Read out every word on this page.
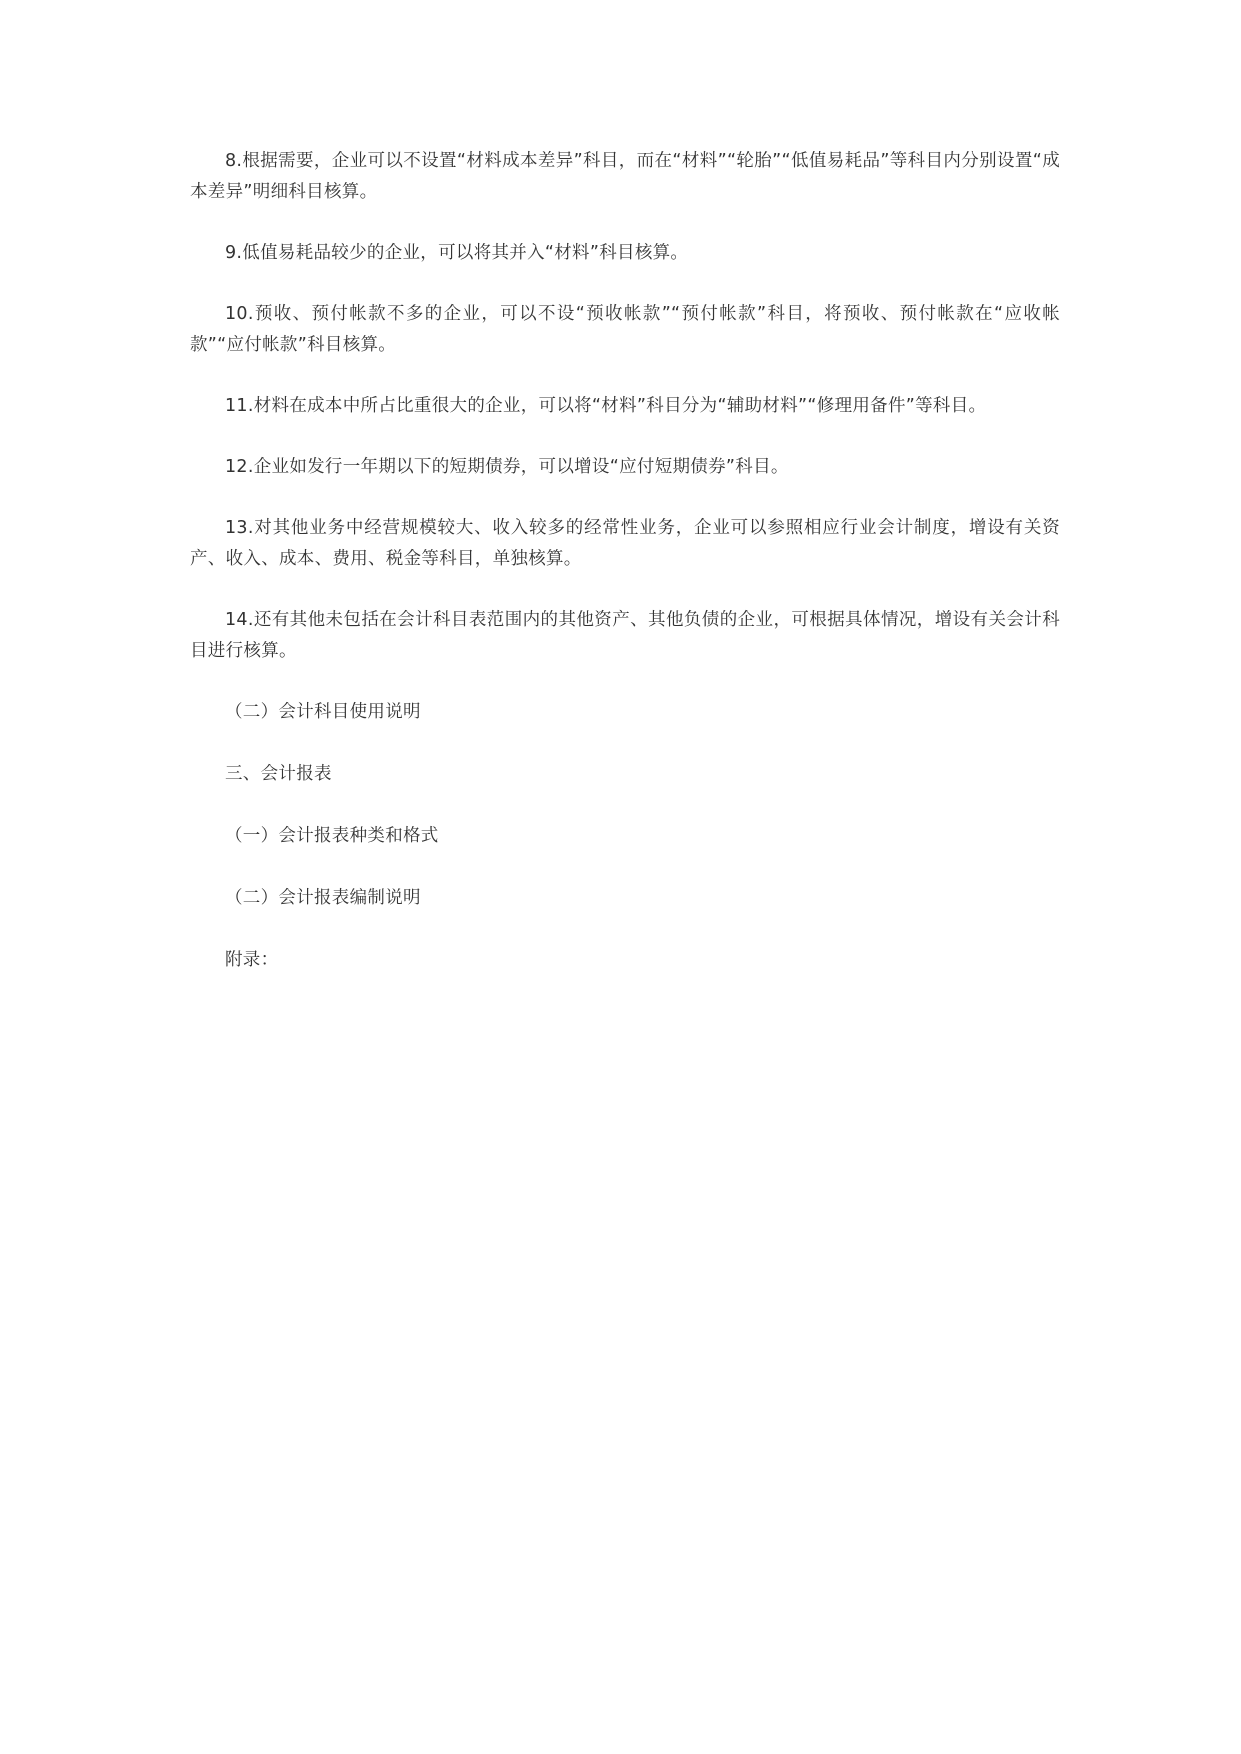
8.根据需要，企业可以不设置“材料成本差异”科目，而在“材料”“轮胎”“低值易耗品”等科目内分别设置“成本差异”明细科目核算。

9.低值易耗品较少的企业，可以将其并入“材料”科目核算。

10.预收、预付帐款不多的企业，可以不设“预收帐款”“预付帐款”科目，将预收、预付帐款在“应收帐款”“应付帐款”科目核算。

11.材料在成本中所占比重很大的企业，可以将“材料”科目分为“辅助材料”“修理用备件”等科目。

12.企业如发行一年期以下的短期债券，可以增设“应付短期债券”科目。

13.对其他业务中经营规模较大、收入较多的经常性业务，企业可以参照相应行业会计制度，增设有关资产、收入、成本、费用、税金等科目，单独核算。

14.还有其他未包括在会计科目表范围内的其他资产、其他负债的企业，可根据具体情况，增设有关会计科目进行核算。

（二）会计科目使用说明

三、会计报表

（一）会计报表种类和格式

（二）会计报表编制说明

附录：
